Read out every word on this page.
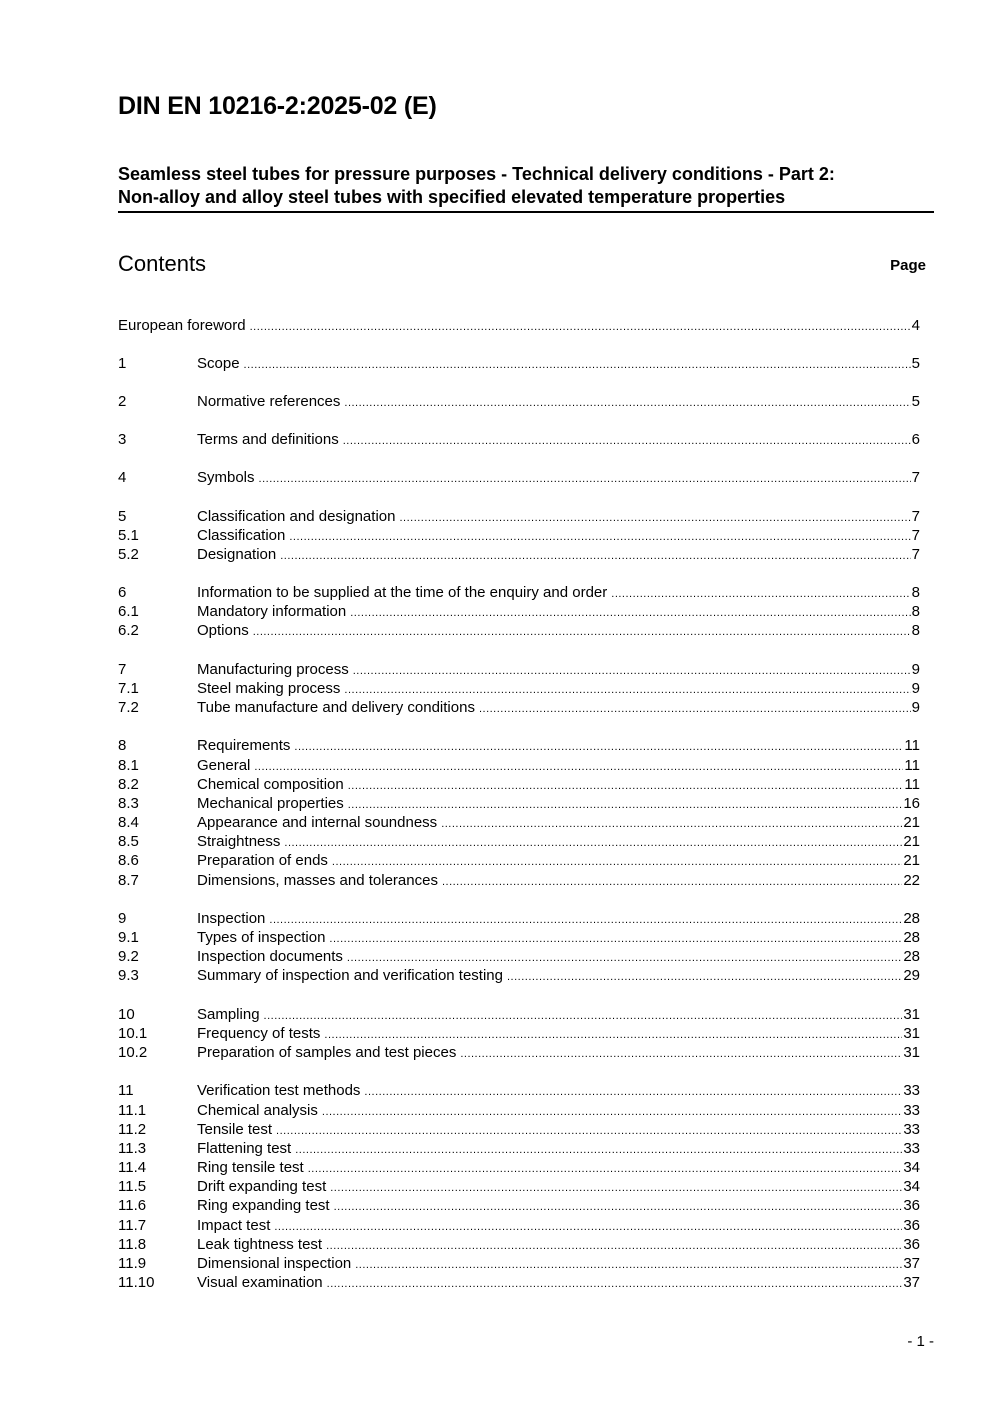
DIN EN 10216-2:2025-02 (E)
Seamless steel tubes for pressure purposes - Technical delivery conditions - Part 2:
Non-alloy and alloy steel tubes with specified elevated temperature properties
Contents	Page
European foreword .....	4
1	Scope .....	5
2	Normative references .....	5
3	Terms and definitions .....	6
4	Symbols .....	7
5	Classification and designation .....	7
5.1	Classification .....	7
5.2	Designation .....	7
6	Information to be supplied at the time of the enquiry and order .....	8
6.1	Mandatory information .....	8
6.2	Options .....	8
7	Manufacturing process .....	9
7.1	Steel making process .....	9
7.2	Tube manufacture and delivery conditions .....	9
8	Requirements .....	11
8.1	General .....	11
8.2	Chemical composition .....	11
8.3	Mechanical properties .....	16
8.4	Appearance and internal soundness .....	21
8.5	Straightness .....	21
8.6	Preparation of ends .....	21
8.7	Dimensions, masses and tolerances .....	22
9	Inspection .....	28
9.1	Types of inspection .....	28
9.2	Inspection documents .....	28
9.3	Summary of inspection and verification testing .....	29
10	Sampling .....	31
10.1	Frequency of tests .....	31
10.2	Preparation of samples and test pieces .....	31
11	Verification test methods .....	33
11.1	Chemical analysis .....	33
11.2	Tensile test .....	33
11.3	Flattening test .....	33
11.4	Ring tensile test .....	34
11.5	Drift expanding test .....	34
11.6	Ring expanding test .....	36
11.7	Impact test .....	36
11.8	Leak tightness test .....	36
11.9	Dimensional inspection .....	37
11.10	Visual examination .....	37
- 1 -
